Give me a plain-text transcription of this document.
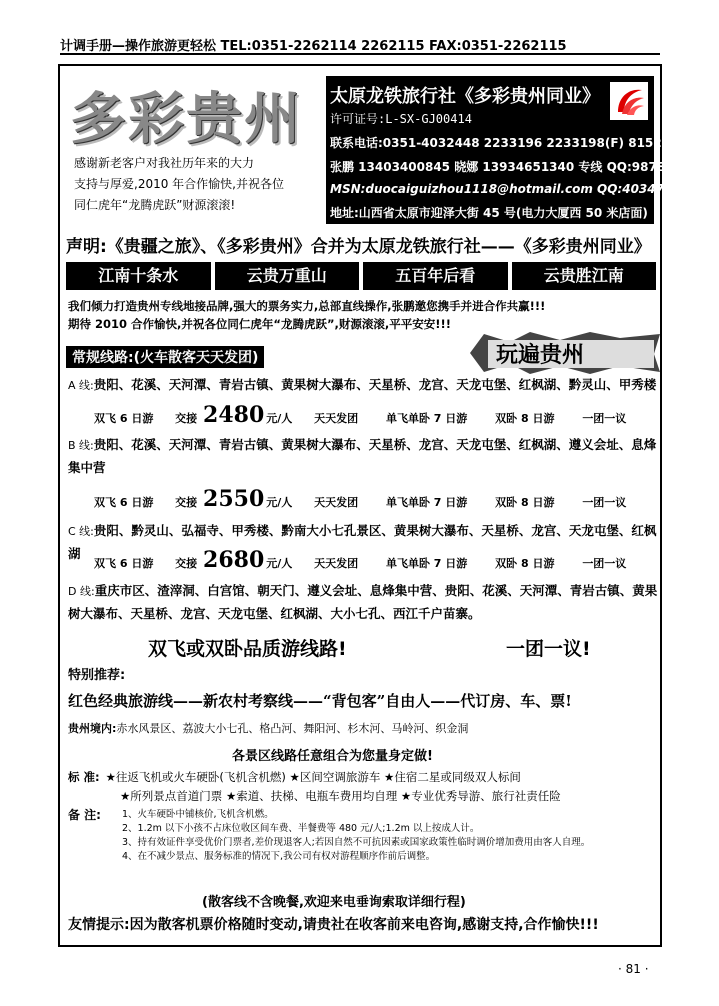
计调手册—操作旅游更轻松 TEL:0351-2262114 2262115 FAX:0351-2262115
多彩贵州

感谢新老客户对我社历年来的大力

支持与厚爱,2010 年合作愉快,并祝各位

同仁虎年“龙腾虎跃”财源滚滚!

太原龙铁旅行社《多彩贵州同业》
许可证号:L-SX-GJ00414
联系电话:0351-4032448 2233196 2233198(F) 8152148
张鹏 13403400845 晓娜 13934651340 专线 QQ:987879609
MSN:duocaiguizhou1118@hotmail.com QQ:403471547
地址:山西省太原市迎泽大街 45 号(电力大厦西 50 米店面)
声明:《贵疆之旅》、《多彩贵州》合并为太原龙铁旅行社——《多彩贵州同业》
江南十条水	云贵万重山	五百年后看	云贵胜江南

我们倾力打造贵州专线地接品牌,强大的票务实力,总部直线操作,张鹏邀您携手并进合作共赢!!!

期待 2010 合作愉快,并祝各位同仁虎年“龙腾虎跃”,财源滚滚,平平安安!!!

常规线路:(火车散客天天发团)	玩遍贵州
A 线:贵阳、花溪、天河潭、青岩古镇、黄果树大瀑布、天星桥、龙宫、天龙屯堡、红枫湖、黔灵山、甲秀楼
双飞 6 日游 交接 2480 元/人 天天发团	单飞单卧 7 日游	双卧 8 日游	一团一议
B 线:贵阳、花溪、天河潭、青岩古镇、黄果树大瀑布、天星桥、龙宫、天龙屯堡、红枫湖、遵义会址、息烽集中营
双飞 6 日游 交接 2550 元/人 天天发团	单飞单卧 7 日游	双卧 8 日游	一团一议
C 线:贵阳、黔灵山、弘福寺、甲秀楼、黔南大小七孔景区、黄果树大瀑布、天星桥、龙宫、天龙屯堡、红枫湖
双飞 6 日游 交接 2680 元/人 天天发团	单飞单卧 7 日游	双卧 8 日游	一团一议
D 线:重庆市区、渣滓洞、白宫馆、朝天门、遵义会址、息烽集中营、贵阳、花溪、天河潭、青岩古镇、黄果树大瀑布、天星桥、龙宫、天龙屯堡、红枫湖、大小七孔、西江千户苗寨。
双飞或双卧品质游线路!	一团一议!
特别推荐:
红色经典旅游线——新农村考察线——“背包客”自由人——代订房、车、票!
贵州境内:赤水风景区、荔波大小七孔、格凸河、舞阳河、杉木河、马岭河、织金洞
各景区线路任意组合为您量身定做!
标 准: ★往返飞机或火车硬卧(飞机含机燃) ★区间空调旅游车 ★住宿二星或同级双人标间
★所列景点首道门票 ★索道、扶梯、电瓶车费用均自理 ★专业优秀导游、旅行社责任险
备 注: 1、火车硬卧中铺核价,飞机含机燃。
2、1.2m 以下小孩不占床位收区间车费、半餐费等 480 元/人;1.2m 以上按成人计。
3、持有效证件享受优价门票者,差价现退客人;若因自然不可抗因素或国家政策性临时调价增加费用由客人自理。
4、在不减少景点、服务标准的情况下,我公司有权对游程顺序作前后调整。
(散客线不含晚餐,欢迎来电垂询索取详细行程)
友情提示:因为散客机票价格随时变动,请贵社在收客前来电咨询,感谢支持,合作愉快!!!
· 81 ·
